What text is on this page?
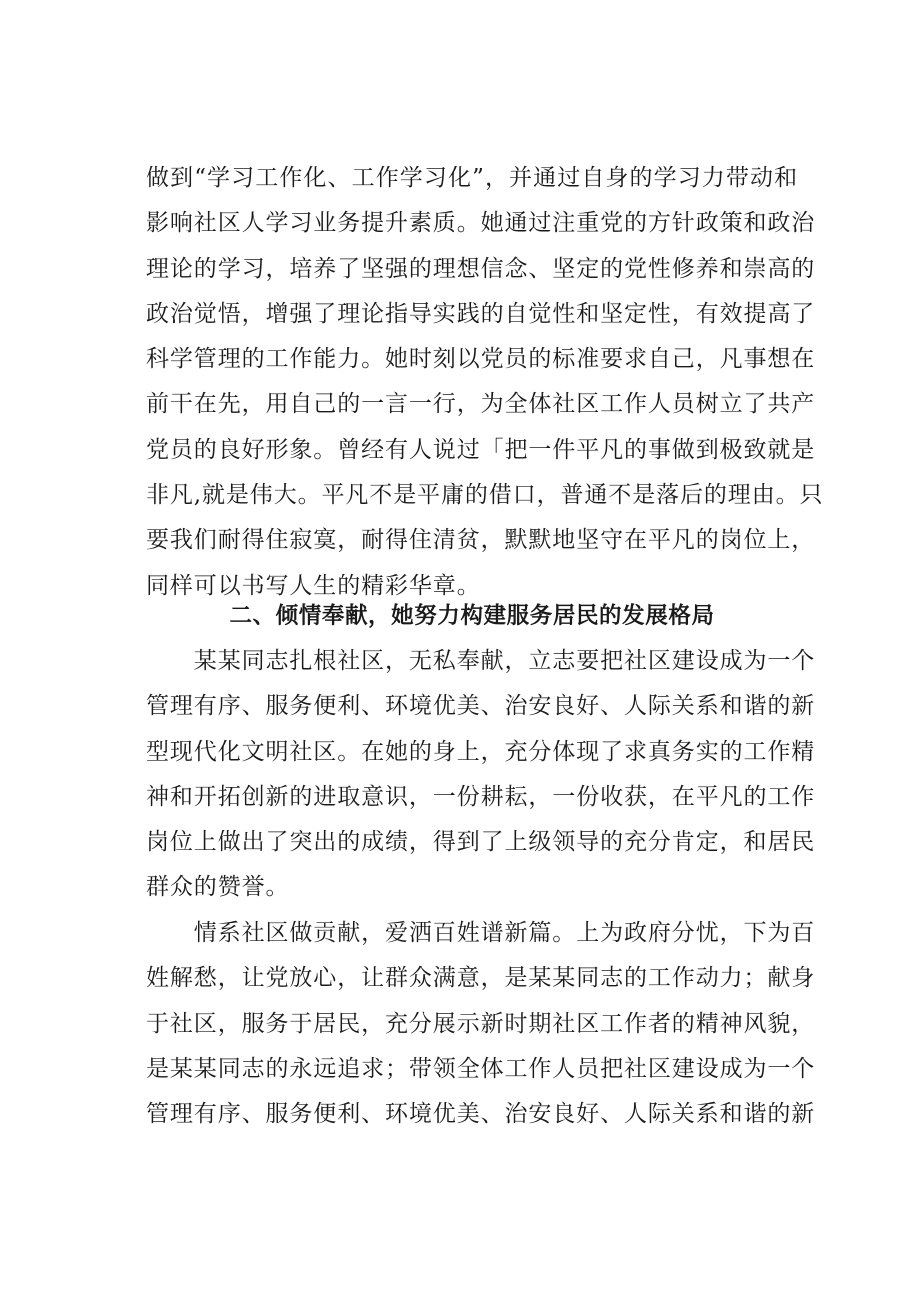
做到“学习工作化、工作学习化”，并通过自身的学习力带动和
影响社区人学习业务提升素质。她通过注重党的方针政策和政治
理论的学习，培养了坚强的理想信念、坚定的党性修养和崇高的
政治觉悟，增强了理论指导实践的自觉性和坚定性，有效提高了
科学管理的工作能力。她时刻以党员的标准要求自己，凡事想在
前干在先，用自己的一言一行，为全体社区工作人员树立了共产
党员的良好形象。曾经有人说过「把一件平凡的事做到极致就是
非凡,就是伟大。平凡不是平庸的借口，普通不是落后的理由。只
要我们耐得住寂寞，耐得住清贫，默默地坚守在平凡的岗位上，
同样可以书写人生的精彩华章。
二、倾情奉献，她努力构建服务居民的发展格局
　　某某同志扎根社区，无私奉献，立志要把社区建设成为一个
管理有序、服务便利、环境优美、治安良好、人际关系和谐的新
型现代化文明社区。在她的身上，充分体现了求真务实的工作精
神和开拓创新的进取意识，一份耕耘，一份收获，在平凡的工作
岗位上做出了突出的成绩，得到了上级领导的充分肯定，和居民
群众的赞誉。
　　情系社区做贡献，爱洒百姓谱新篇。上为政府分忧，下为百
姓解愁，让党放心，让群众满意，是某某同志的工作动力；献身
于社区，服务于居民，充分展示新时期社区工作者的精神风貌，
是某某同志的永远追求；带领全体工作人员把社区建设成为一个
管理有序、服务便利、环境优美、治安良好、人际关系和谐的新
